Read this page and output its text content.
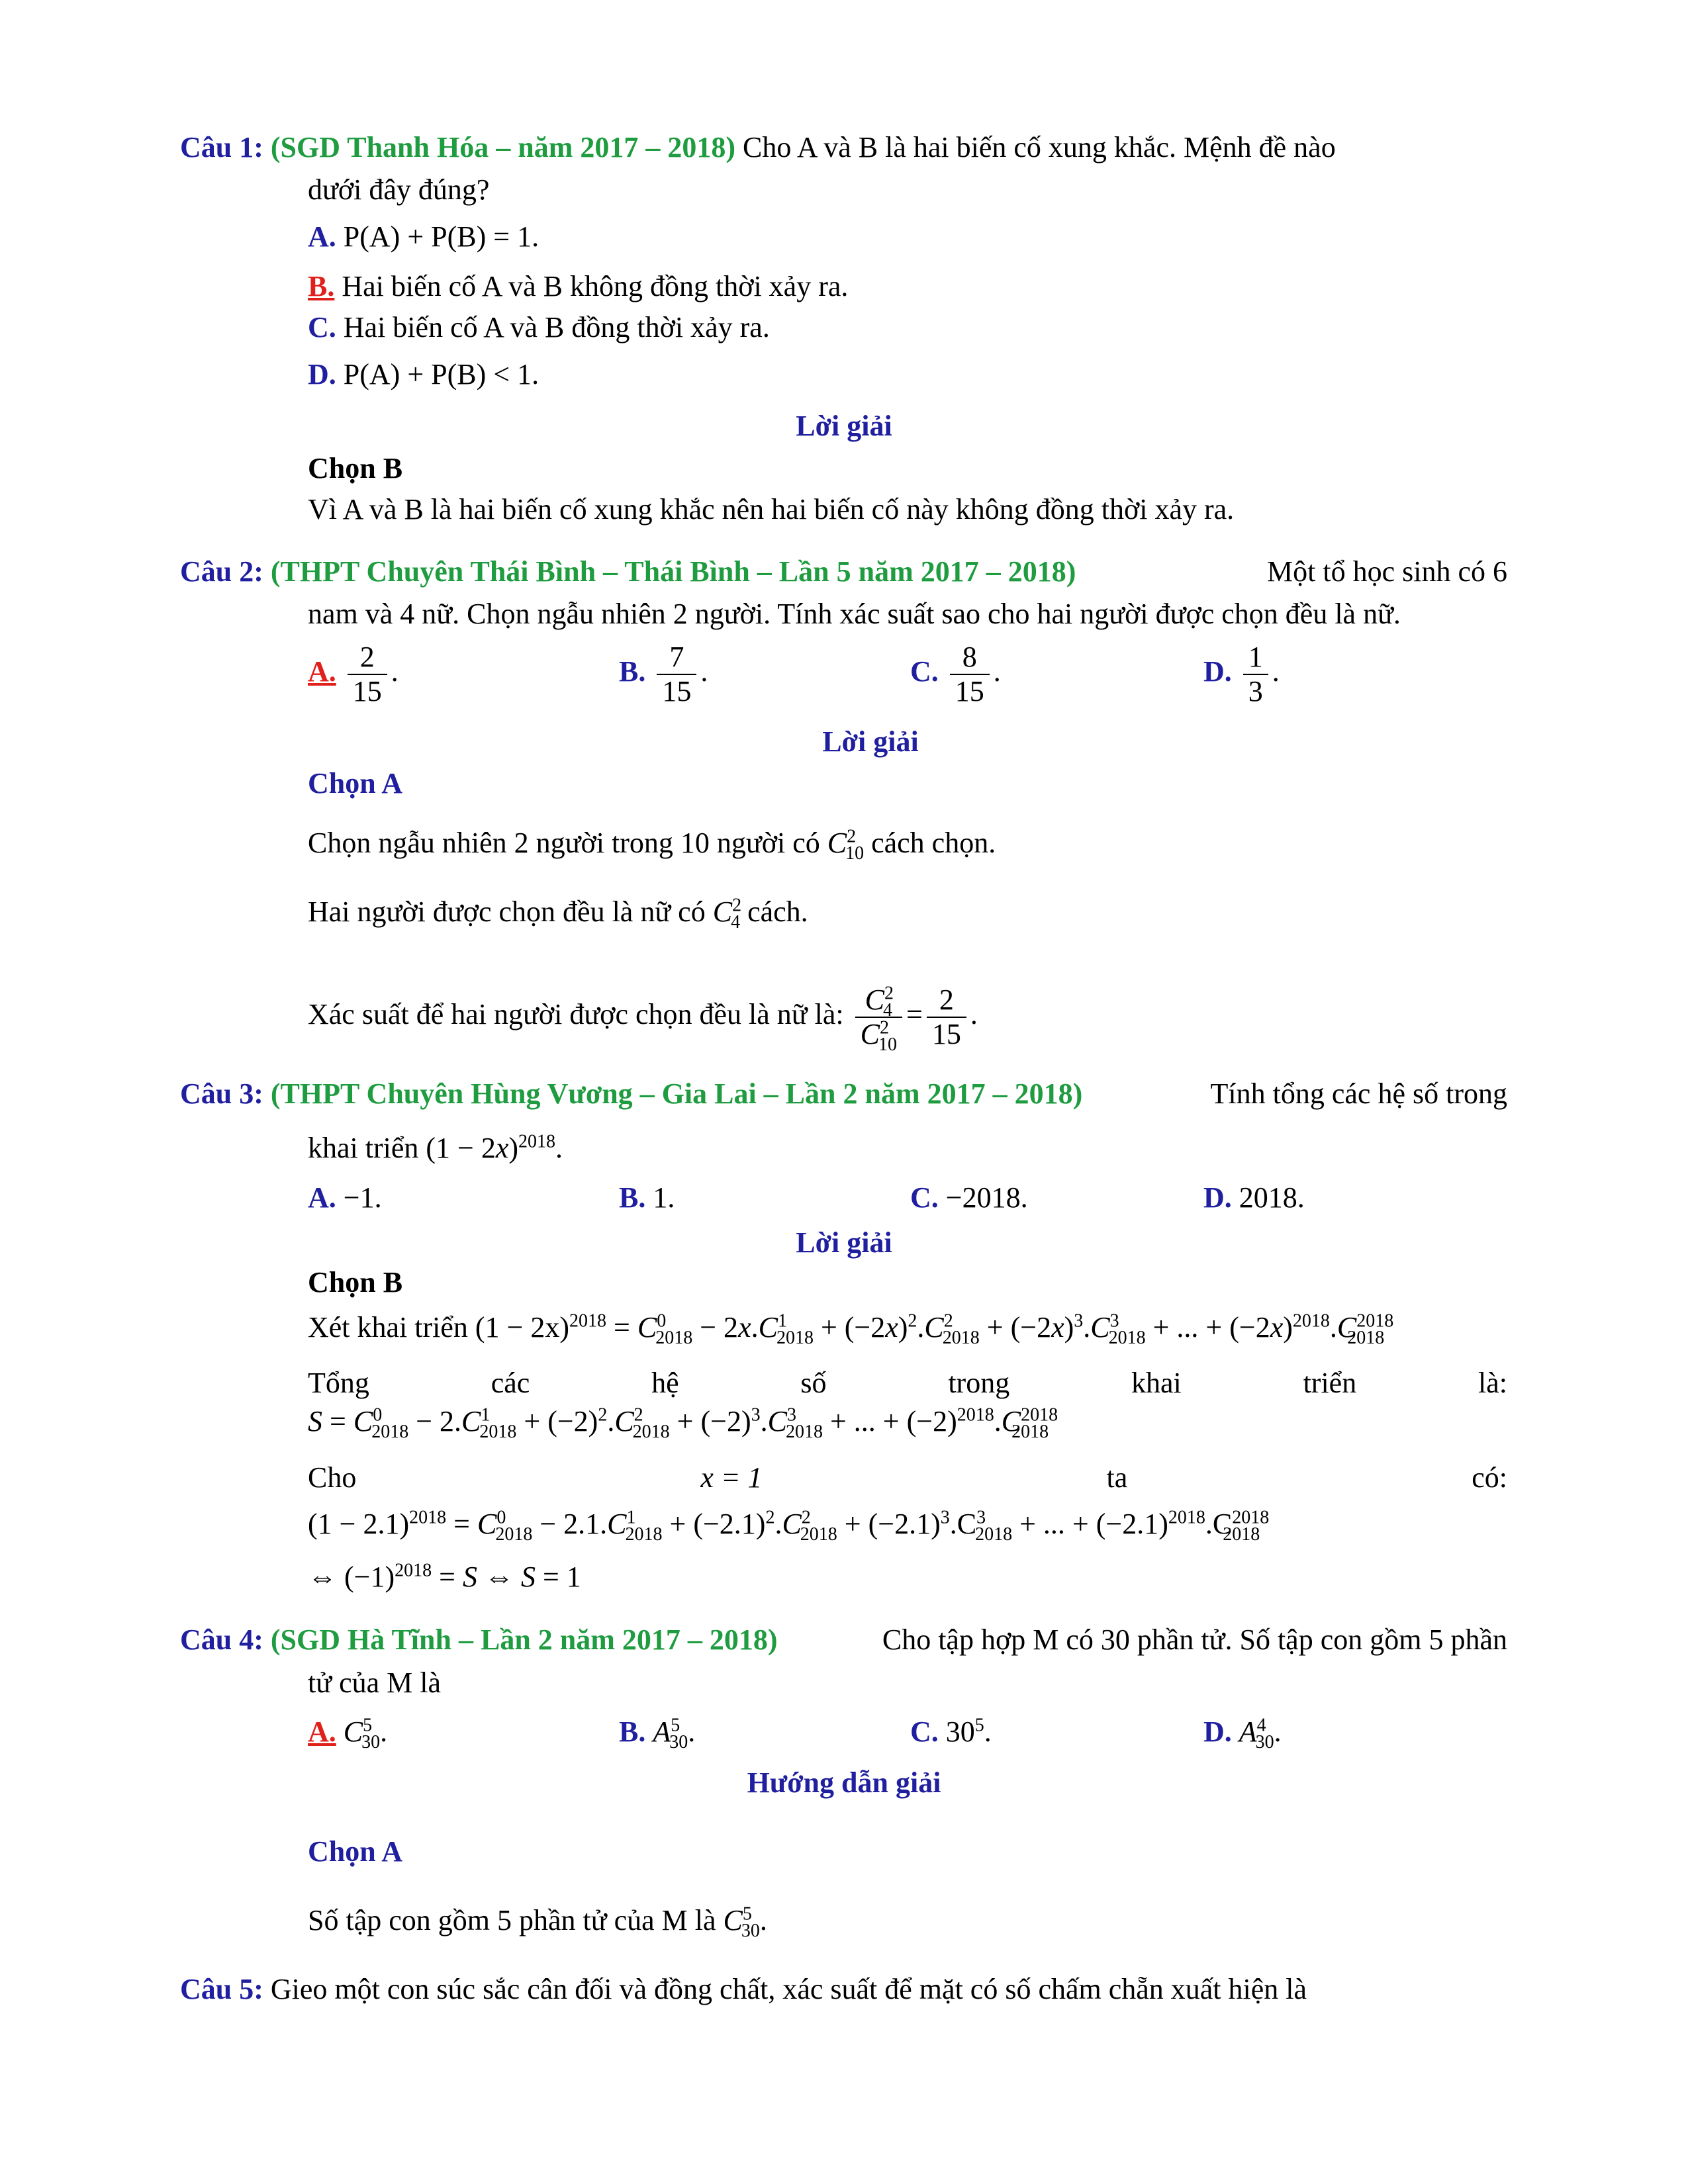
Câu 1: (SGD Thanh Hóa – năm 2017 – 2018) Cho A và B là hai biến cố xung khắc. Mệnh đề nào
dưới đây đúng?
A. P(A) + P(B) = 1.
B. Hai biến cố A và B không đồng thời xảy ra.
C. Hai biến cố A và B đồng thời xảy ra.
D. P(A) + P(B) < 1.
Lời giải
Chọn B
Vì A và B là hai biến cố xung khắc nên hai biến cố này không đồng thời xảy ra.
Câu 2: (THPT Chuyên Thái Bình – Thái Bình – Lần 5 năm 2017 – 2018)	Một tổ học sinh có 6
nam và 4 nữ. Chọn ngẫu nhiên 2 người. Tính xác suất sao cho hai người được chọn đều là nữ.
A. $\frac{2}{15}$ .	B. $\frac{7}{15}$ .	C. $\frac{8}{15}$ .	D. $\frac{1}{3}$ .
Lời giải
Chọn A
Chọn ngẫu nhiên 2 người trong 10 người có $C^2_{10}$ cách chọn.
Hai người được chọn đều là nữ có $C^2_4$ cách.
Xác suất để hai người được chọn đều là nữ là: $\frac{C^2_4}{C^2_{10}} = \frac{2}{15}$ .
Câu 3: (THPT Chuyên Hùng Vương – Gia Lai – Lần 2 năm 2017 – 2018)	Tính tổng các hệ số trong
khai triển $(1 - 2x)^{2018}$.
A. −1.	B. 1.	C. −2018.	D. 2018.
Lời giải
Chọn B
Xét khai triển $(1 - 2x)^{2018} = C^0_{2018} - 2x.C^1_{2018} + (-2x)^2.C^2_{2018} + (-2x)^3.C^3_{2018}$ + ... + $(-2x)^{2018}.C^{2018}_{2018}$
Tổng	các	hệ	số	trong	khai	triển	là:
$S = C^0_{2018} - 2.C^1_{2018} + (-2)^2.C^2_{2018} + (-2)^3.C^3_{2018}$ + ... + $(-2)^{2018}.C^{2018}_{2018}$
Cho	x = 1	ta	có:
$(1 - 2.1)^{2018} = C^0_{2018} - 2.1.C^1_{2018} + (-2.1)^2.C^2_{2018} + (-2.1)^3.C^3_{2018}$ + ... + $(-2.1)^{2018}.C^{2018}_{2018}$
⇔ $(-1)^{2018} = S$ ⇔ S = 1
Câu 4: (SGD Hà Tĩnh – Lần 2 năm 2017 – 2018)	Cho tập hợp M có 30 phần tử. Số tập con gồm 5 phần
tử của M là
A. $C^5_{30}$.	B. $A^5_{30}$.	C. $30^5$.	D. $A^4_{30}$.
Hướng dẫn giải
Chọn A
Số tập con gồm 5 phần tử của M là $C^5_{30}$.
Câu 5: Gieo một con súc sắc cân đối và đồng chất, xác suất để mặt có số chấm chẵn xuất hiện là
